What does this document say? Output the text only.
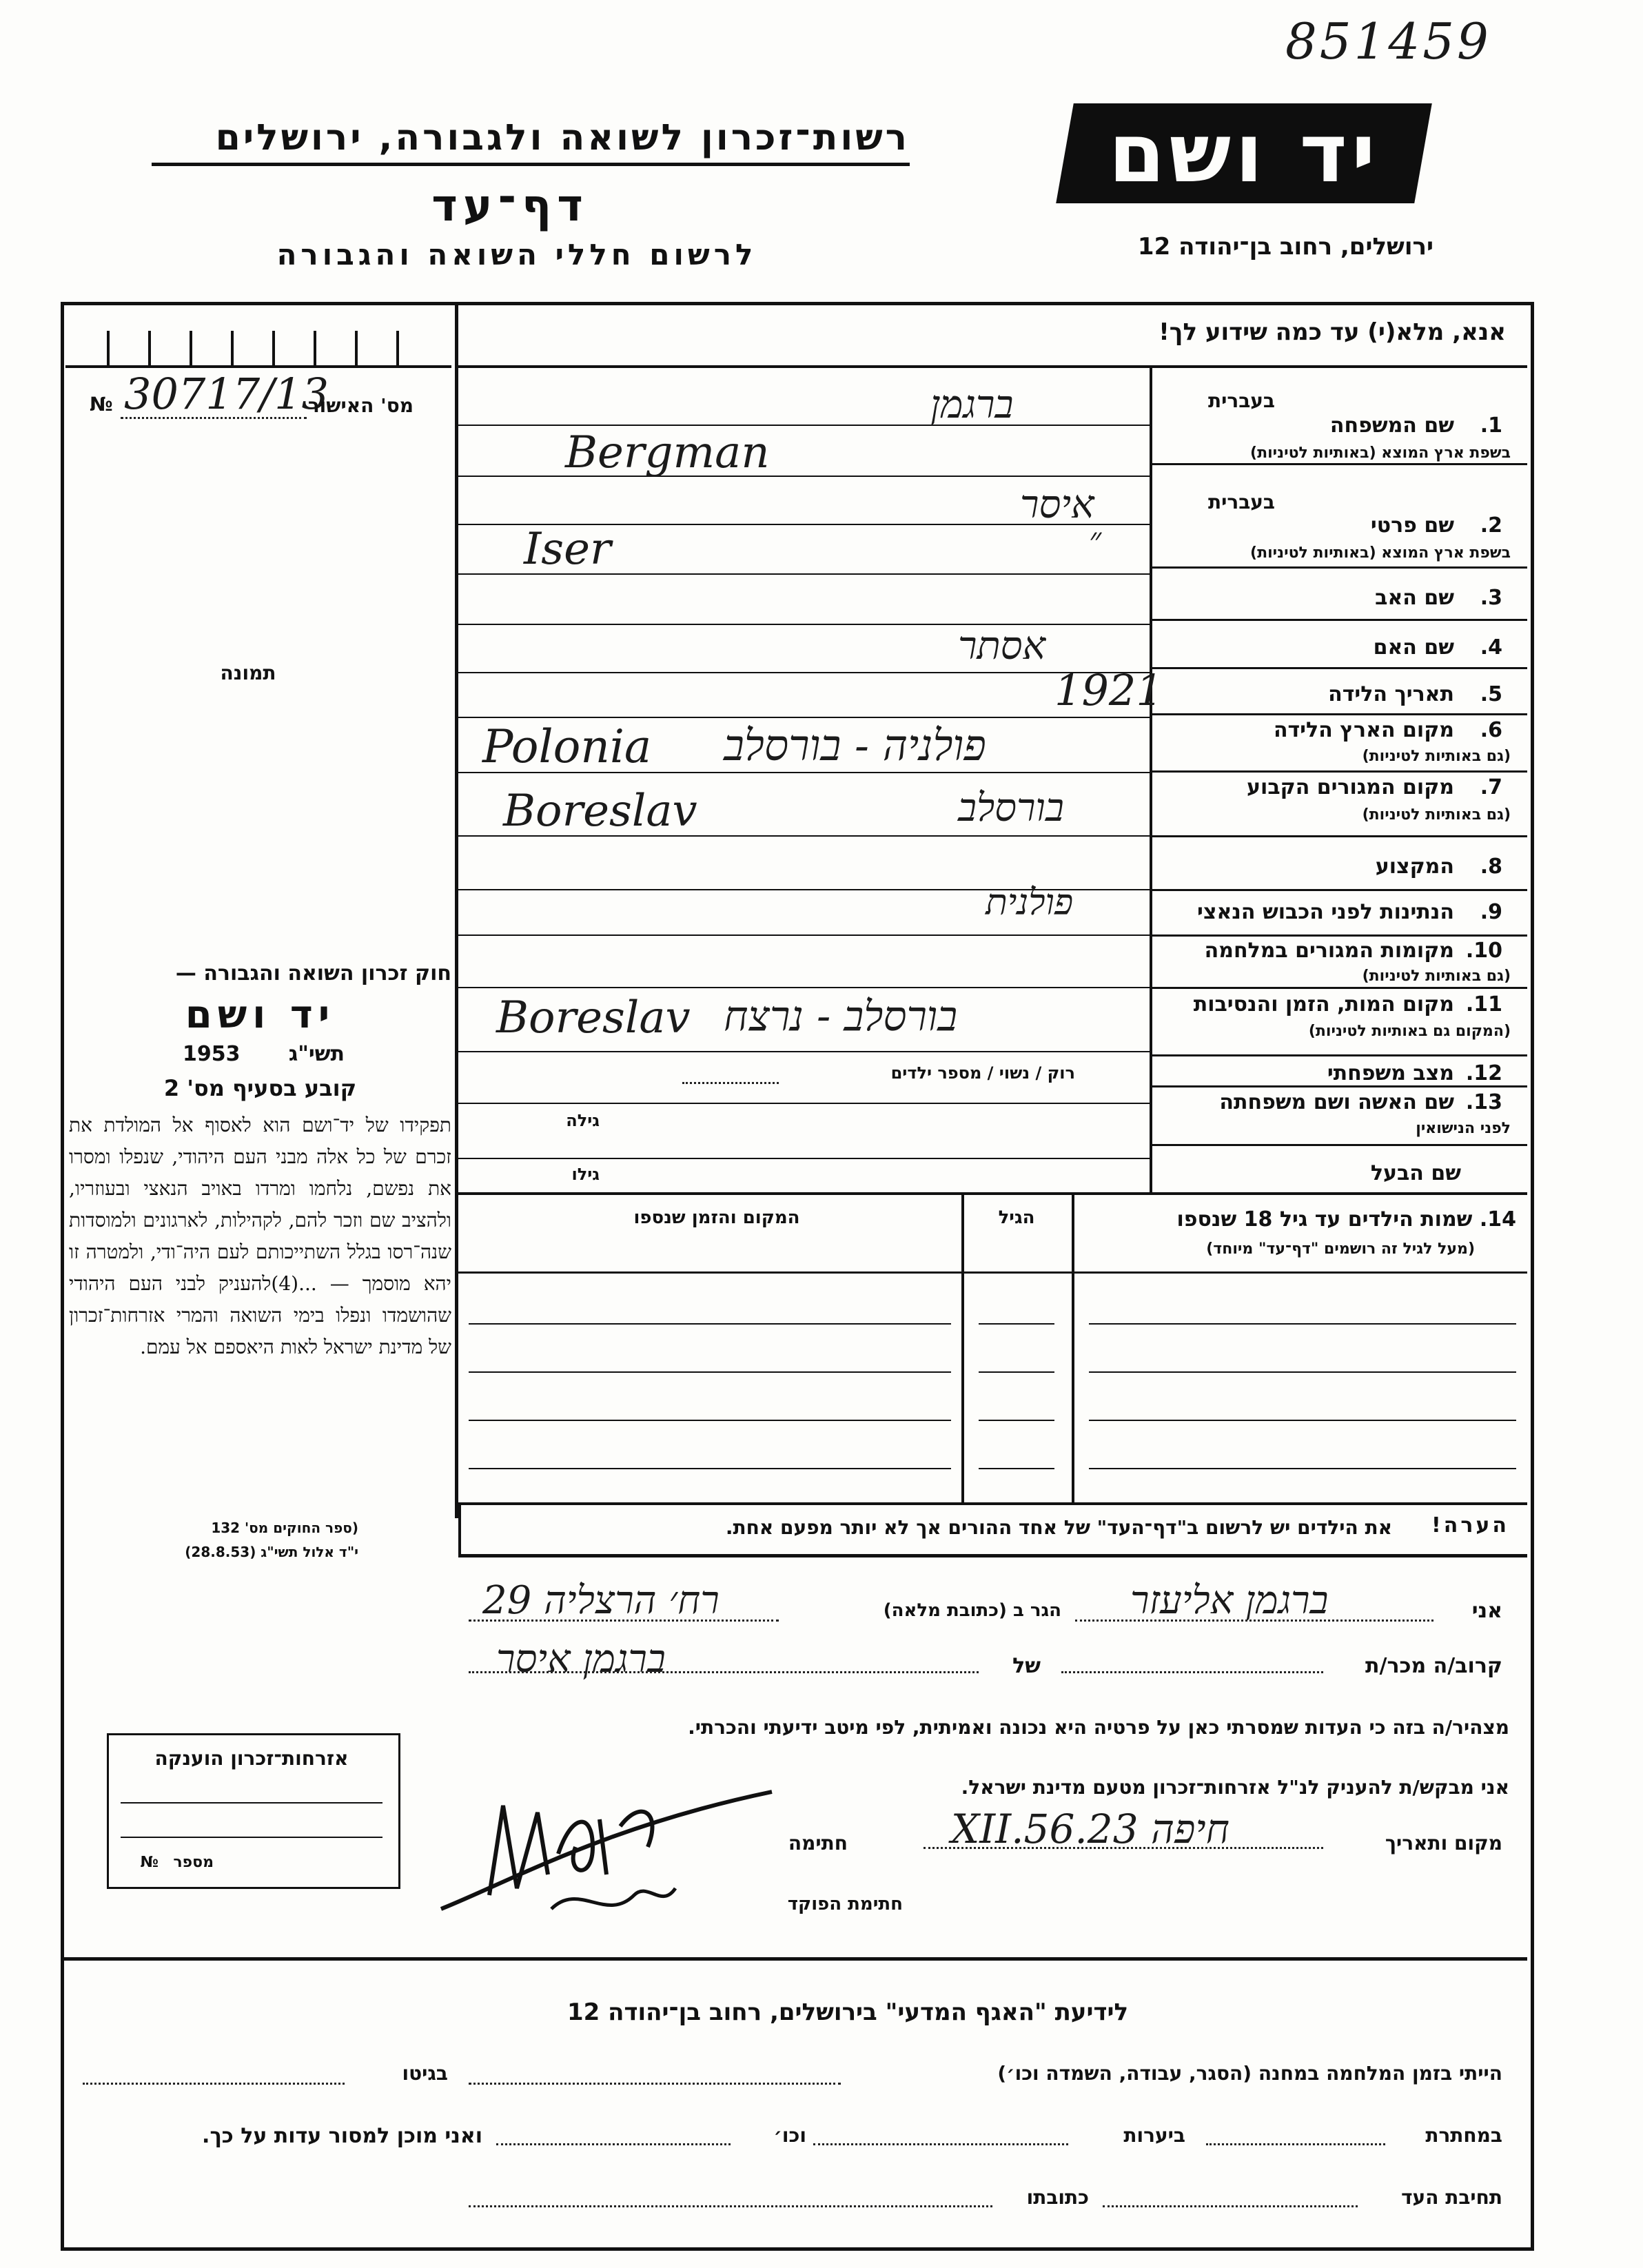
851459
רשות־זכרון לשואה ולגבורה, ירושלים
דף־עד
לרשום חללי השואה והגבורה
יד ושם
ירושלים, רחוב בן־יהודה 12
אנא, מלא(י) עד כמה שידוע לך!
№ 30717/13
מס' האישור
תמונה
חוק זכרון השואה והגבורה —
יד ושם
1953	תשי"ג
קובע בסעיף מס' 2
תפקידו של יד־ושם הוא לאסוף אל המולדת את זכרם של כל אלה מבני העם היהודי, שנפלו ומסרו את נפשם, נלחמו ומרדו באויב הנאצי ובעוזריו, ולהציב שם וזכר להם, לקהילות, לארגונים ולמוסדות שנה־רסו בגלל השתייכותם לעם היה־ודי, ולמטרה זו יהא מוסמך — ...(4)להעניק לבני העם היהודי שהושמדו ונפלו בימי השואה והמרי אזרחות־זכרון של מדינת ישראל לאות היאספם אל עמם.
(ספר החוקים מס' 132
י"ד אלול תשי"ג (28.8.53)
בעברית
1.
שם המשפחה
בשפת ארץ המוצא (באותיות לטיניות)
בעברית
2.
שם פרטי
בשפת ארץ המוצא (באותיות לטיניות)
3.
שם האב
4.
שם האם
5.
תאריך הלידה
6.
מקום הארץ הלידה
(גם באותיות לטיניות)
7.
מקום המגורים הקבוע
(גם באותיות לטיניות)
8.
המקצוע
9.
הנתינות לפני הכבוש הנאצי
10.
מקומות המגורים במלחמה
(גם באותיות לטיניות)
11.
מקום המות, הזמן והנסיבות
(המקום גם באותיות לטיניות)
12.
מצב משפחתי
13.
שם האשה ושם משפחתה
לפני הנישואין
שם הבעל
ברגמן
Bergman
איסר
״
Iser
אסתר
1921
Polonia פולניה - בורסלב
Boreslav	בורסלב
פולנית
Boreslav בורסלב - נרצח
רוק / נשוי / מספר ילדים
גילה
גילו
14. שמות הילדים עד גיל 18 שנספו
(מעל לגיל זה רושמים "דף־עד" מיוחד)
הגיל
המקום והזמן שנספו
הערה!
את הילדים יש לרשום ב"דף־העד" של אחד ההורים אך לא יותר מפעם אחת.
אני
ברגמן אליעזר
הגר ב (כתובת מלאה)
רח׳ הרצליה 29
קרוב/ה מכר/ת
של
ברגמן איסר
מצהיר/ה בזה כי העדות שמסרתי כאן על פרטיה היא נכונה ואמיתית, לפי מיטב ידיעתי והכרתי.
אני מבקש/ת להעניק לנ"ל אזרחות־זכרון מטעם מדינת ישראל.
מקום ותאריך
חיפה 23.XII.56
חתימה
חתימת הפוקד
אזרחות־זכרון הוענקה
מספר
№
לידיעת "האגף המדעי" בירושלים, רחוב בן־יהודה 12
הייתי בזמן המלחמה במחנה (הסגר, עבודה, השמדה וכו׳)
בגיטו
במחתרת
ביערות
וכו׳
ואני מוכן למסור עדות על כך.
תחיבת העד
כתובתו
